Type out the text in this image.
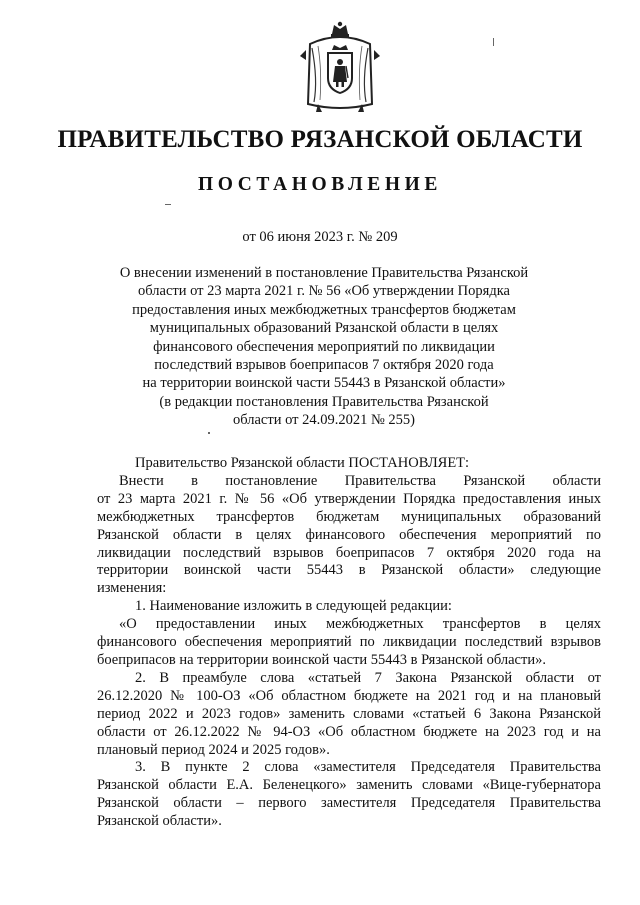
ПРАВИТЕЛЬСТВО РЯЗАНСКОЙ ОБЛАСТИ
ПОСТАНОВЛЕНИЕ
от 06 июня 2023 г. № 209
О внесении изменений в постановление Правительства Рязанской
области от 23 марта 2021 г. № 56 «Об утверждении Порядка
предоставления иных межбюджетных трансфертов бюджетам
муниципальных образований Рязанской области в целях
финансового обеспечения мероприятий по ликвидации
последствий взрывов боеприпасов 7 октября 2020 года
на территории воинской части 55443 в Рязанской области»
(в редакции постановления Правительства Рязанской
области от 24.09.2021 № 255)
Правительство Рязанской области ПОСТАНОВЛЯЕТ:
Внести в постановление Правительства Рязанской области
от 23 марта 2021 г. № 56 «Об утверждении Порядка предоставления иных
межбюджетных трансфертов бюджетам муниципальных образований
Рязанской области в целях финансового обеспечения мероприятий по
ликвидации последствий взрывов боеприпасов 7 октября 2020 года на
территории воинской части 55443 в Рязанской области» следующие
изменения:
1. Наименование изложить в следующей редакции:
«О предоставлении иных межбюджетных трансфертов в целях
финансового обеспечения мероприятий по ликвидации последствий взрывов
боеприпасов на территории воинской части 55443 в Рязанской области».
2. В преамбуле слова «статьей 7 Закона Рязанской области от
26.12.2020 № 100-ОЗ «Об областном бюджете на 2021 год и на плановый
период 2022 и 2023 годов» заменить словами «статьей 6 Закона Рязанской
области от 26.12.2022 № 94-ОЗ «Об областном бюджете на 2023 год и на
плановый период 2024 и 2025 годов».
3. В пункте 2 слова «заместителя Председателя Правительства
Рязанской области Е.А. Беленецкого» заменить словами «Вице-губернатора
Рязанской области – первого заместителя Председателя Правительства
Рязанской области».
